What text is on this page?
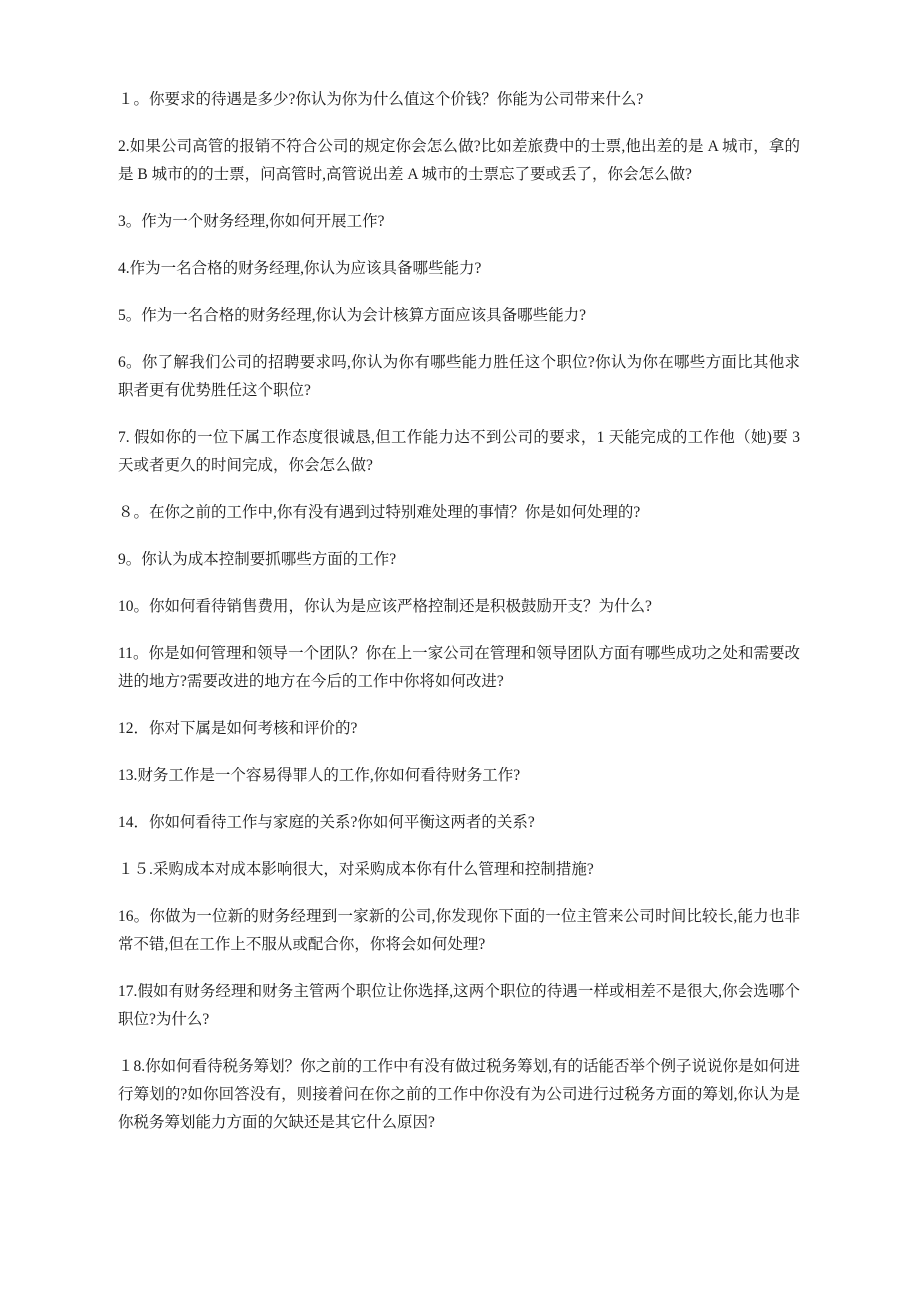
１。你要求的待遇是多少?你认为你为什么值这个价钱？你能为公司带来什么?

2.如果公司高管的报销不符合公司的规定你会怎么做?比如差旅费中的士票,他出差的是 A 城市，拿的是 B 城市的的士票，问高管时,高管说出差 A 城市的士票忘了要或丢了，你会怎么做?

3。作为一个财务经理,你如何开展工作?

4.作为一名合格的财务经理,你认为应该具备哪些能力?

5。作为一名合格的财务经理,你认为会计核算方面应该具备哪些能力?

6。你了解我们公司的招聘要求吗,你认为你有哪些能力胜任这个职位?你认为你在哪些方面比其他求职者更有优势胜任这个职位?

7. 假如你的一位下属工作态度很诚恳,但工作能力达不到公司的要求，1 天能完成的工作他（她)要 3 天或者更久的时间完成，你会怎么做?

８。在你之前的工作中,你有没有遇到过特别难处理的事情？你是如何处理的?

9。你认为成本控制要抓哪些方面的工作?

10。你如何看待销售费用，你认为是应该严格控制还是积极鼓励开支？为什么?

11。你是如何管理和领导一个团队？你在上一家公司在管理和领导团队方面有哪些成功之处和需要改进的地方?需要改进的地方在今后的工作中你将如何改进?

12．你对下属是如何考核和评价的?

13.财务工作是一个容易得罪人的工作,你如何看待财务工作?

14．你如何看待工作与家庭的关系?你如何平衡这两者的关系?

１５.采购成本对成本影响很大，对采购成本你有什么管理和控制措施?

16。你做为一位新的财务经理到一家新的公司,你发现你下面的一位主管来公司时间比较长,能力也非常不错,但在工作上不服从或配合你，你将会如何处理?

17.假如有财务经理和财务主管两个职位让你选择,这两个职位的待遇一样或相差不是很大,你会选哪个职位?为什么?

１8.你如何看待税务筹划？你之前的工作中有没有做过税务筹划,有的话能否举个例子说说你是如何进行筹划的?如你回答没有，则接着问在你之前的工作中你没有为公司进行过税务方面的筹划,你认为是你税务筹划能力方面的欠缺还是其它什么原因?
